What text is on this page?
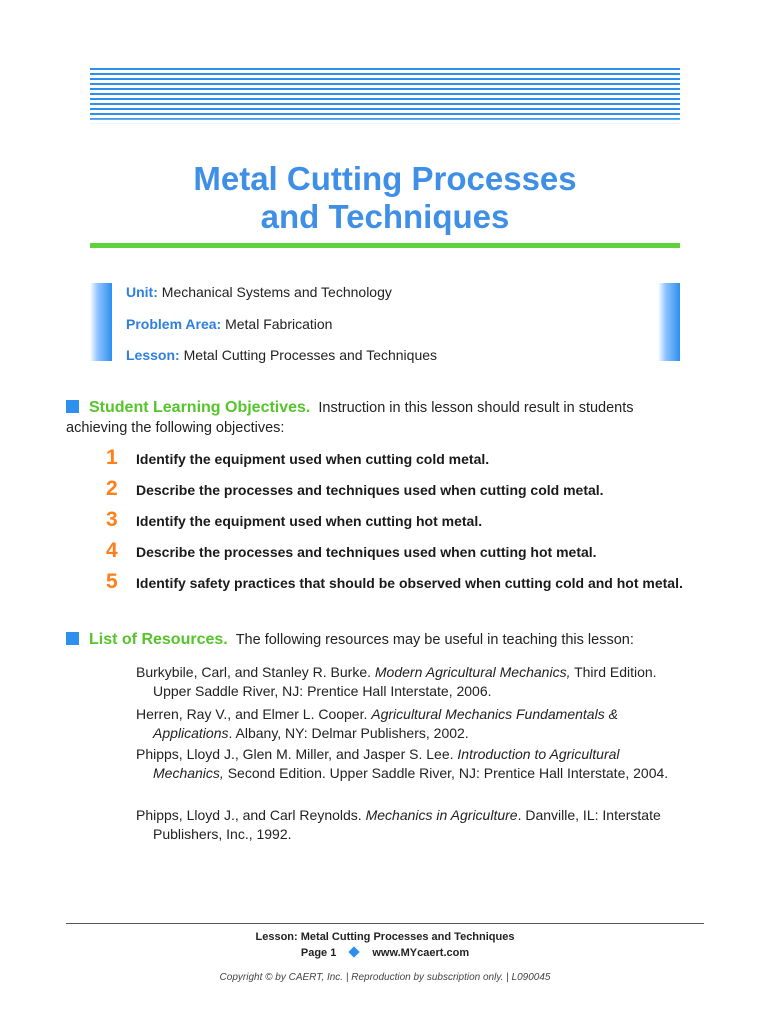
Metal Cutting Processes
and Techniques
Unit: Mechanical Systems and Technology
Problem Area: Metal Fabrication
Lesson: Metal Cutting Processes and Techniques
Student Learning Objectives. Instruction in this lesson should result in students
achieving the following objectives:
1 Identify the equipment used when cutting cold metal.
2 Describe the processes and techniques used when cutting cold metal.
3 Identify the equipment used when cutting hot metal.
4 Describe the processes and techniques used when cutting hot metal.
5 Identify safety practices that should be observed when cutting cold and hot metal.
List of Resources. The following resources may be useful in teaching this lesson:
Burkybile, Carl, and Stanley R. Burke. Modern Agricultural Mechanics, Third Edition. Upper Saddle River, NJ: Prentice Hall Interstate, 2006.
Herren, Ray V., and Elmer L. Cooper. Agricultural Mechanics Fundamentals & Applications. Albany, NY: Delmar Publishers, 2002.
Phipps, Lloyd J., Glen M. Miller, and Jasper S. Lee. Introduction to Agricultural Mechanics, Second Edition. Upper Saddle River, NJ: Prentice Hall Interstate, 2004.
Phipps, Lloyd J., and Carl Reynolds. Mechanics in Agriculture. Danville, IL: Interstate Publishers, Inc., 1992.
Lesson: Metal Cutting Processes and Techniques
Page 1	www.MYcaert.com
Copyright © by CAERT, Inc. | Reproduction by subscription only. | L090045
